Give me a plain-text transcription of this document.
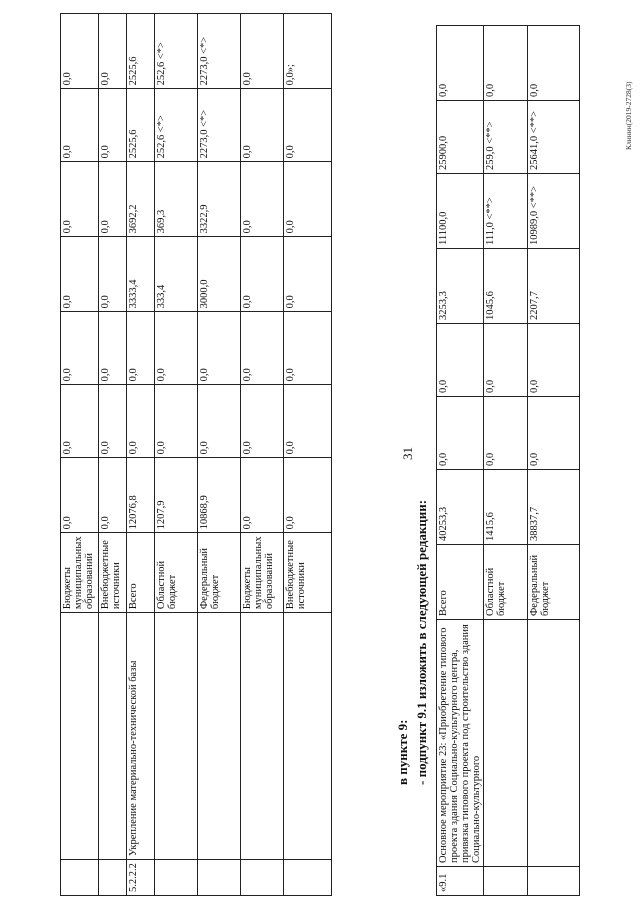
31
		Бюджеты муниципальных образований	0,0	0,0	0,0	0,0	0,0	0,0	0,0
		Внебюджетные источники	0,0	0,0	0,0	0,0	0,0	0,0	0,0
5.2.2.2	Укрепление материально-технической базы	Всего	12076,8	0,0	0,0	3333,4	3692,2	2525,6	2525,6
		Областной бюджет	1207,9	0,0	0,0	333,4	369,3	252,6 <*>	252,6 <*>
		Федеральный бюджет	10868,9	0,0	0,0	3000,0	3322,9	2273,0 <*>	2273,0 <*>
		Бюджеты муниципальных образований	0,0	0,0	0,0	0,0	0,0	0,0	0,0
		Внебюджетные источники	0,0	0,0	0,0	0,0	0,0	0,0	0,0»;
в пункте 9: - подпункт 9.1 изложить в следующей редакции:
«9.1	Основное мероприятие 23: «Приобретение типового проекта здания Социально-культурного центра, привязка типового проекта под строительство здания Социально-культурного	Всего	40253,3	0,0	0,0	3253,3	11100,0	25900,0	0,0
		Областной бюджет	1415,6	0,0	0,0	1045,6	111,0 <**>	259,0 <**>	0,0
		Федеральный бюджет	38837,7	0,0	0,0	2207,7	10989,0 <**>	25641,0 <**>	0,0	Клинин(2019-2728(3)
